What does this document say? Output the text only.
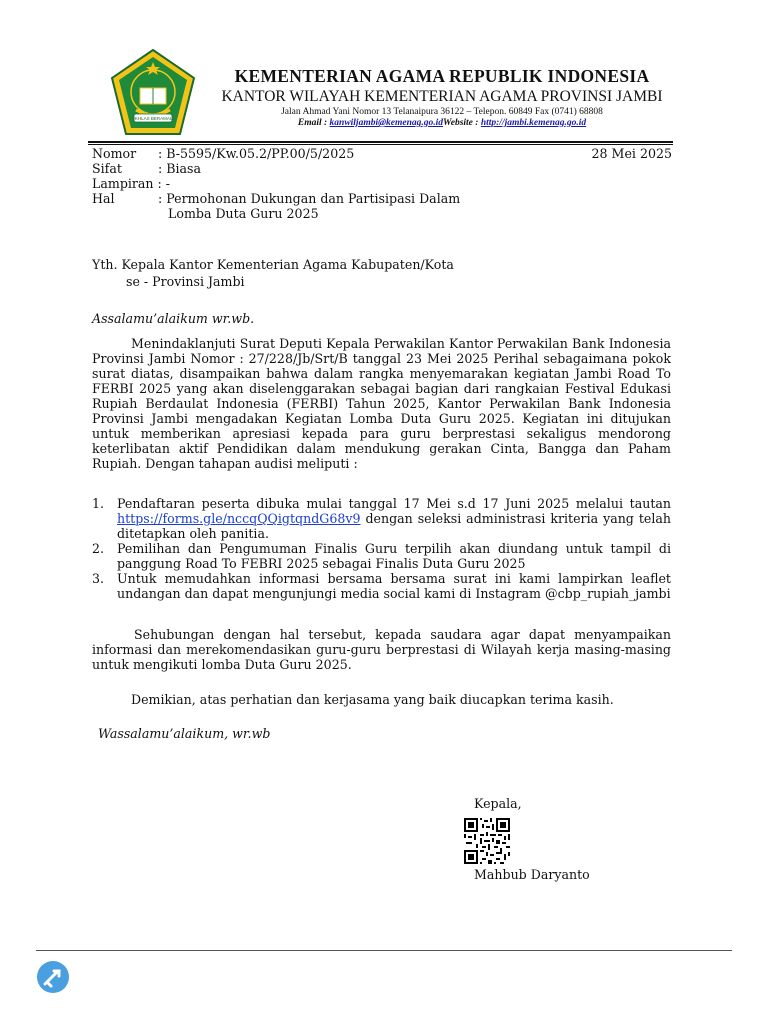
IKHLAS BERAMAL
KEMENTERIAN AGAMA REPUBLIK INDONESIA
KANTOR WILAYAH KEMENTERIAN AGAMA PROVINSI JAMBI
Jalan Ahmad Yani Nomor 13 Telanaipura 36122 – Telepon. 60849 Fax (0741) 68808
Email : kanwiljambi@kemenag.go.idWebsite : http://jambi.kemenag.go.id
Nomor : B-5595/Kw.05.2/PP.00/5/2025	28 Mei 2025
Sifat	: Biasa
Lampiran : -
Hal	: Permohonan Dukungan dan Partisipasi Dalam
Lomba Duta Guru 2025
Yth. Kepala Kantor Kementerian Agama Kabupaten/Kota
se - Provinsi Jambi
Assalamu’alaikum wr.wb.
Menindaklanjuti Surat Deputi Kepala Perwakilan Kantor Perwakilan Bank Indonesia Provinsi Jambi Nomor : 27/228/Jb/Srt/B tanggal 23 Mei 2025 Perihal sebagaimana pokok surat diatas, disampaikan bahwa dalam rangka menyemarakan kegiatan Jambi Road To FERBI 2025 yang akan diselenggarakan sebagai bagian dari rangkaian Festival Edukasi Rupiah Berdaulat Indonesia (FERBI) Tahun 2025, Kantor Perwakilan Bank Indonesia Provinsi Jambi mengadakan Kegiatan Lomba Duta Guru 2025. Kegiatan ini ditujukan untuk memberikan apresiasi kepada para guru berprestasi sekaligus mendorong keterlibatan aktif Pendidikan dalam mendukung gerakan Cinta, Bangga dan Paham Rupiah. Dengan tahapan audisi meliputi :
1. Pendaftaran peserta dibuka mulai tanggal 17 Mei s.d 17 Juni 2025 melalui tautan https://forms.gle/nccqQQigtqndG68v9 dengan seleksi administrasi kriteria yang telah ditetapkan oleh panitia.
2. Pemilihan dan Pengumuman Finalis Guru terpilih akan diundang untuk tampil di panggung Road To FEBRI 2025 sebagai Finalis Duta Guru 2025
3. Untuk memudahkan informasi bersama bersama surat ini kami lampirkan leaflet undangan dan dapat mengunjungi media social kami di Instagram @cbp_rupiah_jambi
Sehubungan dengan hal tersebut, kepada saudara agar dapat menyampaikan informasi dan merekomendasikan guru-guru berprestasi di Wilayah kerja masing-masing untuk mengikuti lomba Duta Guru 2025.
Demikian, atas perhatian dan kerjasama yang baik diucapkan terima kasih.
Wassalamu’alaikum, wr.wb
Kepala,
Mahbub Daryanto
